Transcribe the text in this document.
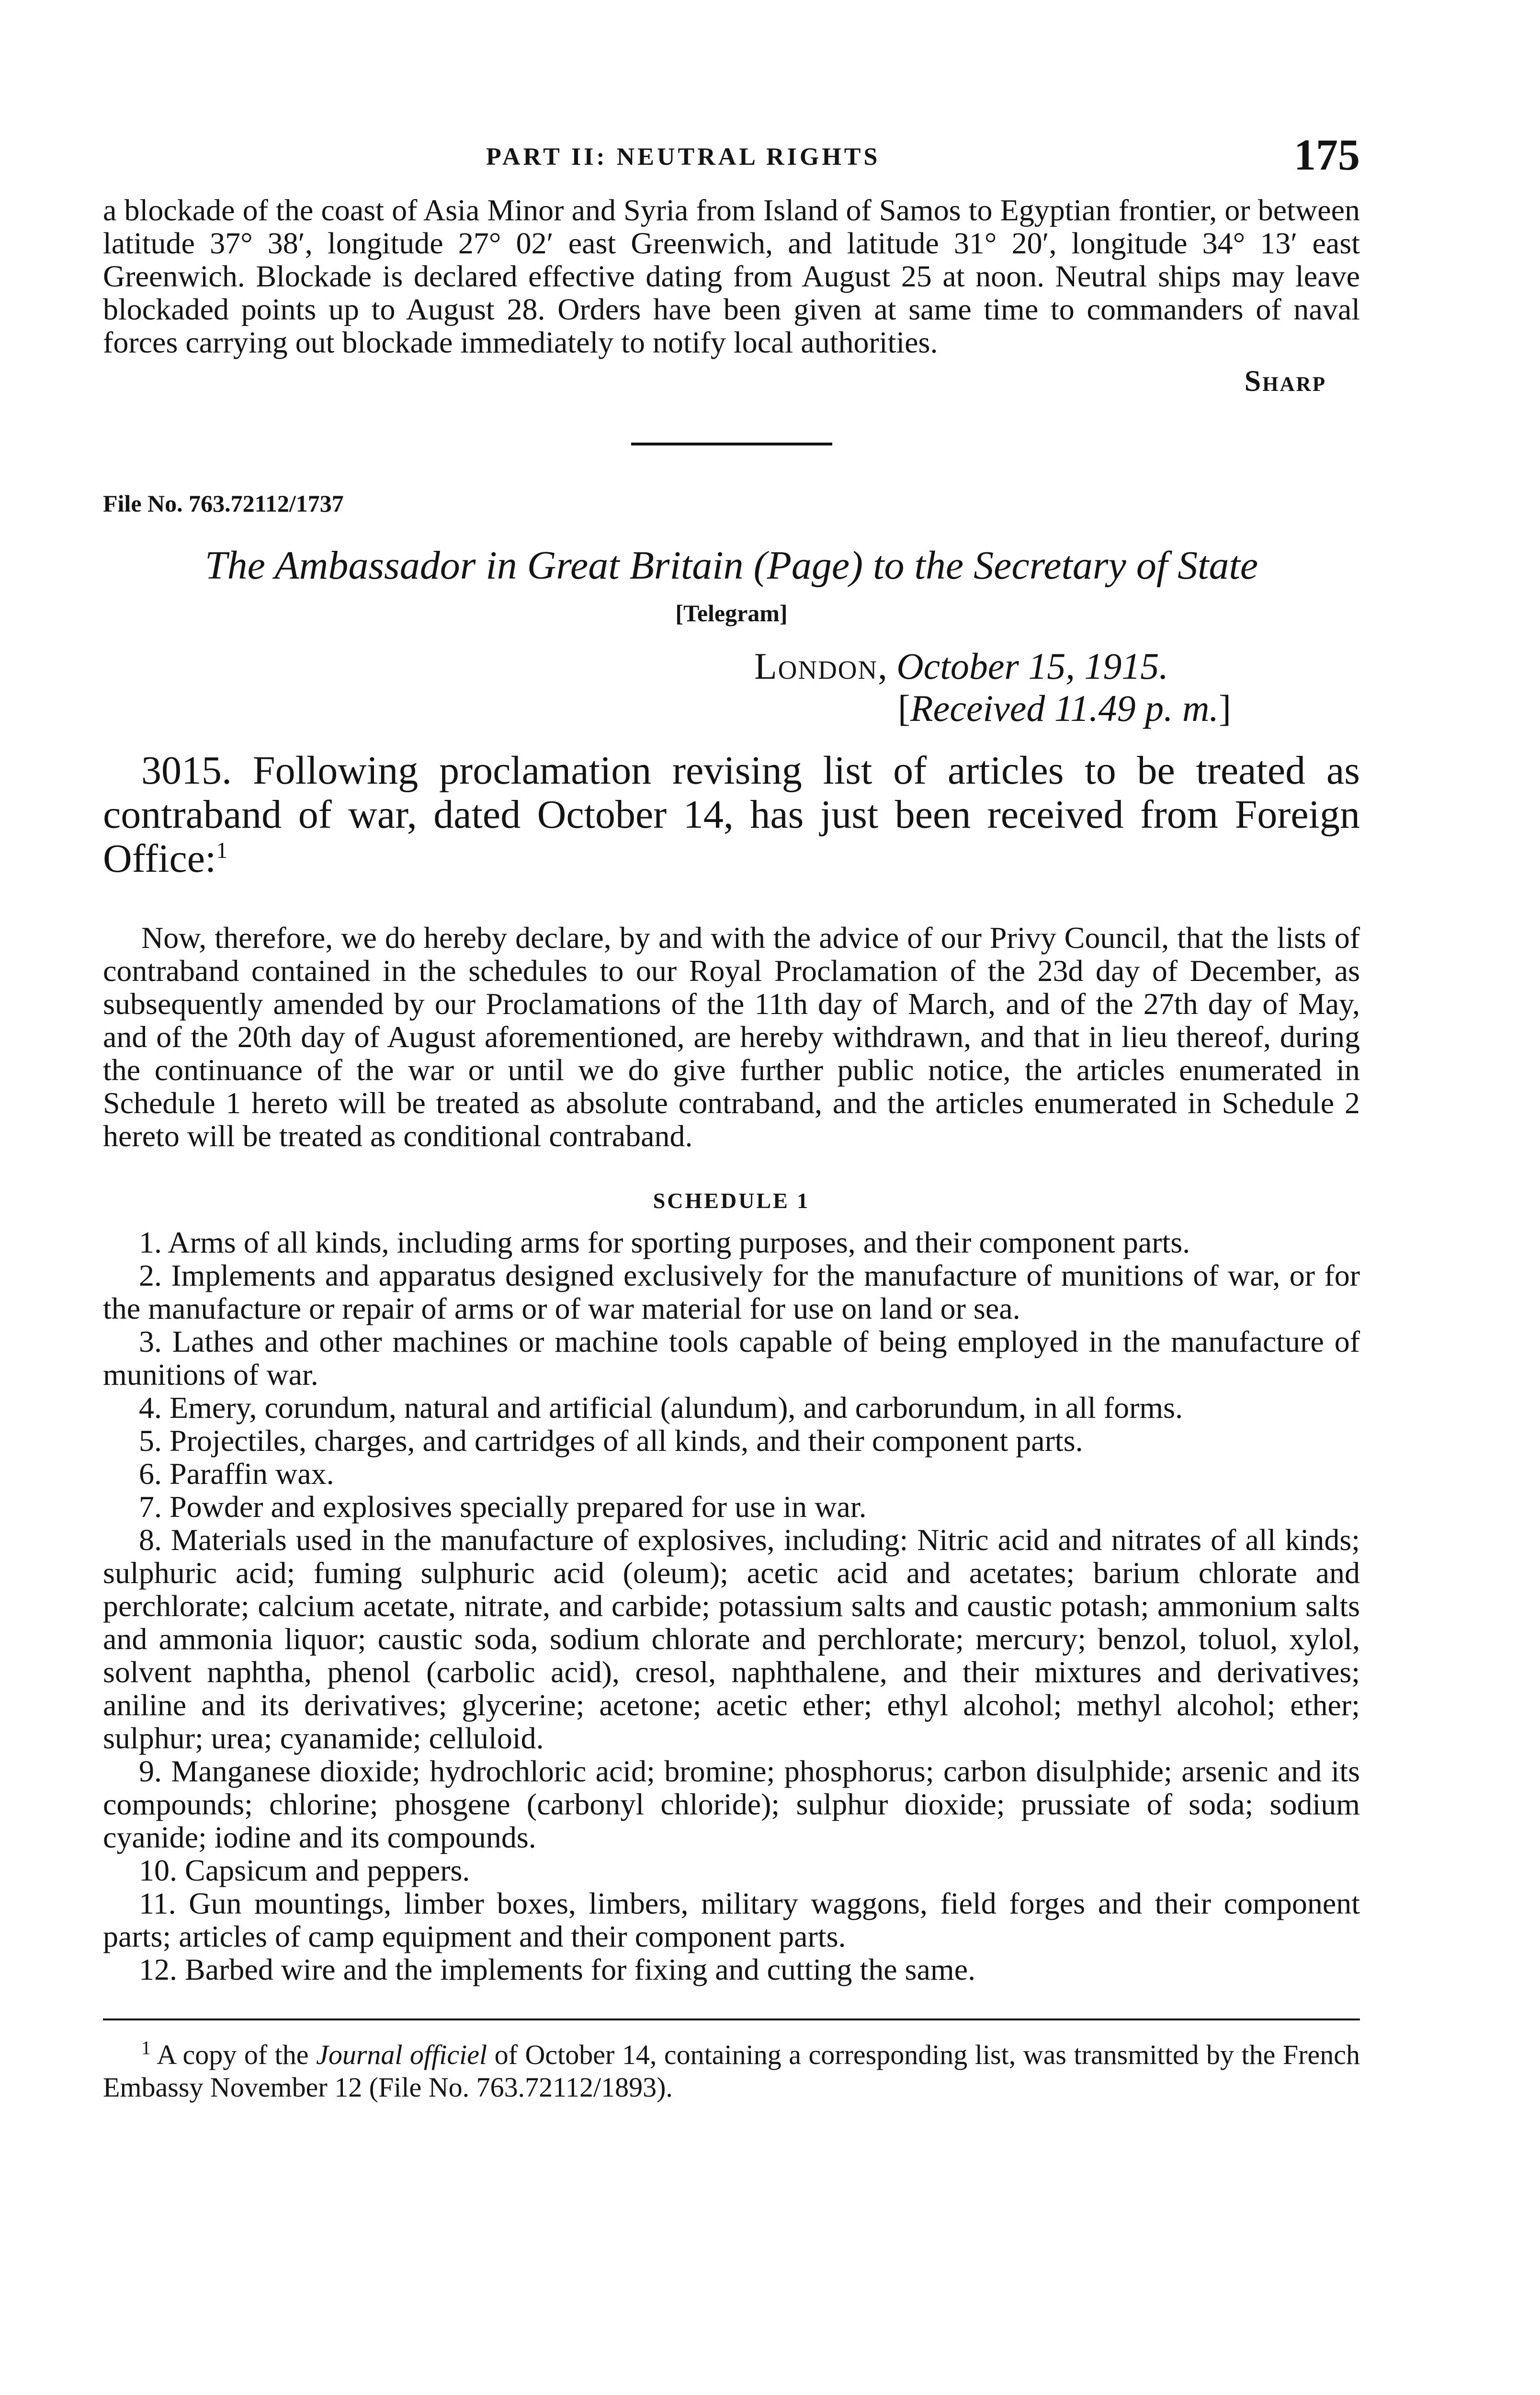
PART II: NEUTRAL RIGHTS	175

a blockade of the coast of Asia Minor and Syria from Island of Samos to Egyptian frontier, or between latitude 37° 38′, longitude 27° 02′ east Greenwich, and latitude 31° 20′, longitude 34° 13′ east Greenwich. Blockade is declared effective dating from August 25 at noon. Neutral ships may leave blockaded points up to August 28. Orders have been given at same time to commanders of naval forces carrying out blockade immediately to notify local authorities.

Sharp
File No. 763.72112/1737
The Ambassador in Great Britain (Page) to the Secretary of State
[Telegram]
London, October 15, 1915.
[Received 11.49 p. m.]

3015. Following proclamation revising list of articles to be treated as contraband of war, dated October 14, has just been received from Foreign Office:$^1$

Now, therefore, we do hereby declare, by and with the advice of our Privy Council, that the lists of contraband contained in the schedules to our Royal Proclamation of the 23d day of December, as subsequently amended by our Proclamations of the 11th day of March, and of the 27th day of May, and of the 20th day of August aforementioned, are hereby withdrawn, and that in lieu thereof, during the continuance of the war or until we do give further public notice, the articles enumerated in Schedule 1 hereto will be treated as absolute contraband, and the articles enumerated in Schedule 2 hereto will be treated as conditional contraband.

SCHEDULE 1

1. Arms of all kinds, including arms for sporting purposes, and their component parts.

2. Implements and apparatus designed exclusively for the manufacture of munitions of war, or for the manufacture or repair of arms or of war material for use on land or sea.

3. Lathes and other machines or machine tools capable of being employed in the manufacture of munitions of war.

4. Emery, corundum, natural and artificial (alundum), and carborundum, in all forms.

5. Projectiles, charges, and cartridges of all kinds, and their component parts.

6. Paraffin wax.

7. Powder and explosives specially prepared for use in war.

8. Materials used in the manufacture of explosives, including: Nitric acid and nitrates of all kinds; sulphuric acid; fuming sulphuric acid (oleum); acetic acid and acetates; barium chlorate and perchlorate; calcium acetate, nitrate, and carbide; potassium salts and caustic potash; ammonium salts and ammonia liquor; caustic soda, sodium chlorate and perchlorate; mercury; benzol, toluol, xylol, solvent naphtha, phenol (carbolic acid), cresol, naphthalene, and their mixtures and derivatives; aniline and its derivatives; glycerine; acetone; acetic ether; ethyl alcohol; methyl alcohol; ether; sulphur; urea; cyanamide; celluloid.

9. Manganese dioxide; hydrochloric acid; bromine; phosphorus; carbon disulphide; arsenic and its compounds; chlorine; phosgene (carbonyl chloride); sulphur dioxide; prussiate of soda; sodium cyanide; iodine and its compounds.

10. Capsicum and peppers.

11. Gun mountings, limber boxes, limbers, military waggons, field forges and their component parts; articles of camp equipment and their component parts.

12. Barbed wire and the implements for fixing and cutting the same.

$^1$ A copy of the Journal officiel of October 14, containing a corresponding list, was transmitted by the French Embassy November 12 (File No. 763.72112/1893).
